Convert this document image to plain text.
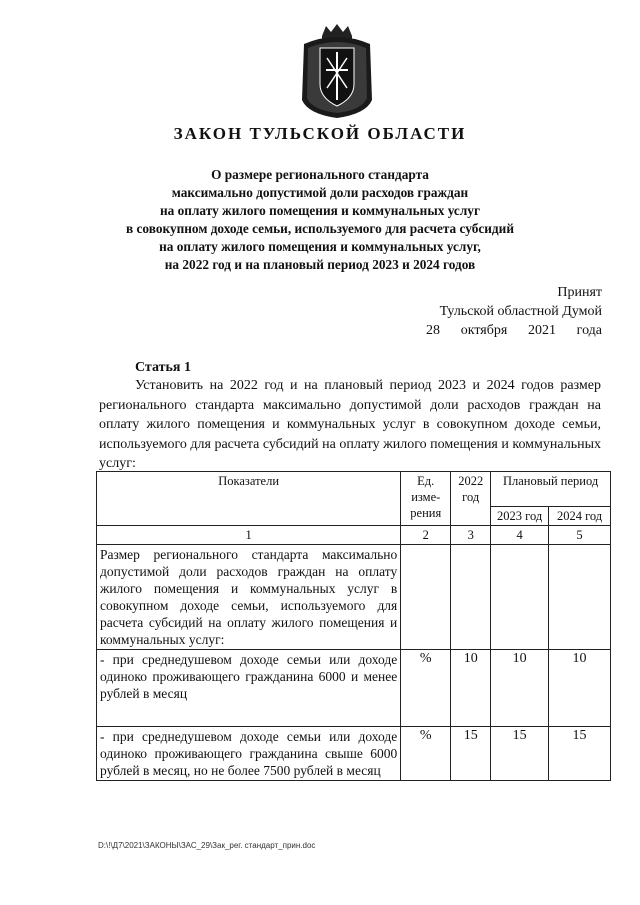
ЗАКОН ТУЛЬСКОЙ ОБЛАСТИ
О размере регионального стандарта
максимально допустимой доли расходов граждан
на оплату жилого помещения и коммунальных услуг
в совокупном доходе семьи, используемого для расчета субсидий
на оплату жилого помещения и коммунальных услуг,
на 2022 год и на плановый период 2023 и 2024 годов
Принят
Тульской областной Думой
28 октября 2021 года
Статья 1
Установить на 2022 год и на плановый период 2023 и 2024 годов размер регионального стандарта максимально допустимой доли расходов граждан на оплату жилого помещения и коммунальных услуг в совокупном доходе семьи, используемого для расчета субсидий на оплату жилого помещения и коммунальных услуг:
Показатели	Ед. изме-рения	2022 год	Плановый период	
			2023 год	2024 год
1	2	3	4	5
Размер регионального стандарта максимально допустимой доли расходов граждан на оплату жилого помещения и коммунальных услуг в совокупном доходе семьи, используемого для расчета субсидий на оплату жилого помещения и коммунальных услуг:				
- при среднедушевом доходе семьи или доходе одиноко проживающего гражданина 6000 и менее рублей в месяц	%	10	10	10
- при среднедушевом доходе семьи или доходе одиноко проживающего гражданина свыше 6000 рублей в месяц, но не более 7500 рублей в месяц	%	15	15	15
D:\!\Д7\2021\ЗАКОНЫ\ЗАС_29\Зак_рег. стандарт_прин.doc
